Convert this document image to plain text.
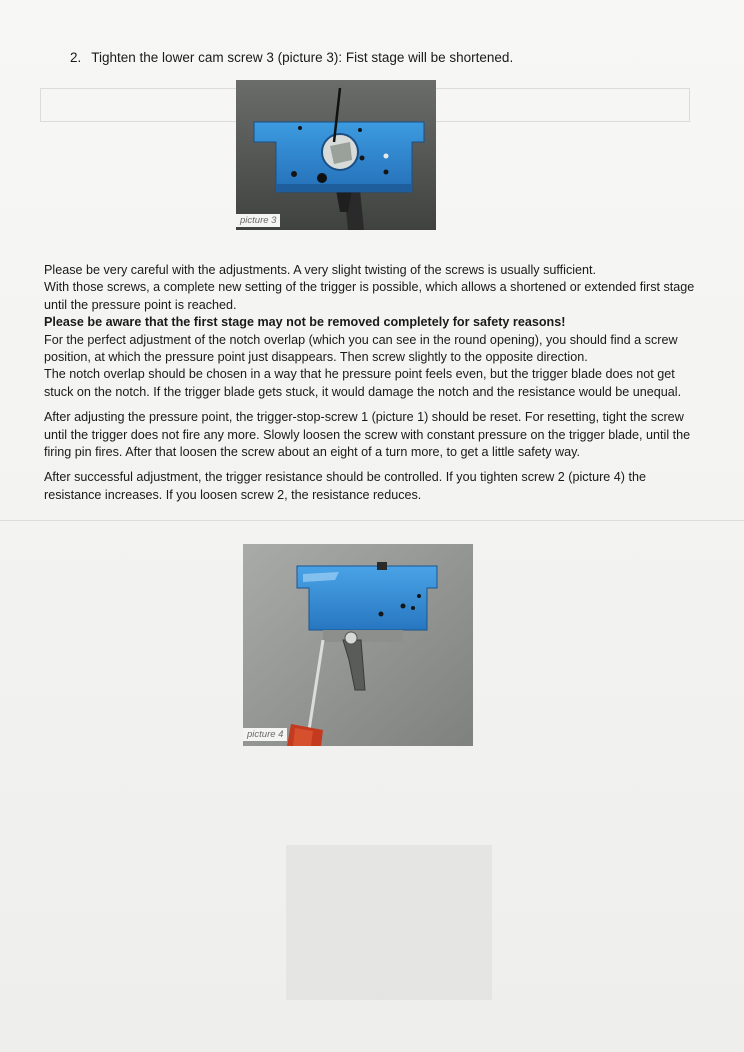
2. Tighten the lower cam screw 3 (picture 3): Fist stage will be shortened.
picture 3

Please be very careful with the adjustments. A very slight twisting of the screws is usually sufficient.

With those screws, a complete new setting of the trigger is possible, which allows a shortened or extended first stage until the pressure point is reached.

Please be aware that the first stage may not be removed completely for safety reasons!

For the perfect adjustment of the notch overlap (which you can see in the round opening), you should find a screw position, at which the pressure point just disappears. Then screw slightly to the opposite direction.

The notch overlap should be chosen in a way that he pressure point feels even, but the trigger blade does not get stuck on the notch. If the trigger blade gets stuck, it would damage the notch and the resistance would be unequal.

After adjusting the pressure point, the trigger-stop-screw 1 (picture 1) should be reset. For resetting, tight the screw until the trigger does not fire any more. Slowly loosen the screw with constant pressure on the trigger blade, until the firing pin fires. After that loosen the screw about an eight of a turn more, to get a little safety way.

After successful adjustment, the trigger resistance should be controlled. If you tighten screw 2 (picture 4) the resistance increases. If you loosen screw 2, the resistance reduces.

picture 4
